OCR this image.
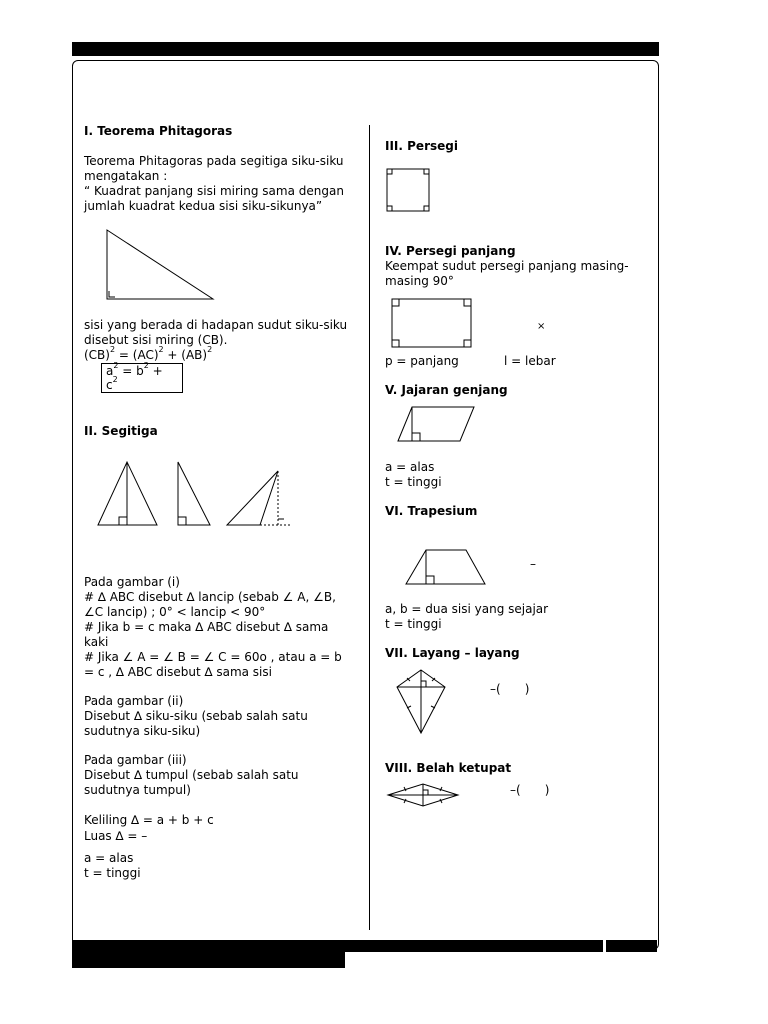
I. Teorema Phitagoras
Teorema Phitagoras pada segitiga siku-siku
mengatakan :
“ Kuadrat panjang sisi miring sama dengan
jumlah kuadrat kedua sisi siku-sikunya”
sisi yang berada di hadapan sudut siku-siku
disebut sisi miring (CB).
(CB)$^2$ = (AC)$^2$ + (AB)$^2$
$a^2 = b^2$ +
$c^2$
II. Segitiga
Pada gambar (i)
# ∆ ABC disebut ∆ lancip (sebab ∠ A, ∠B,
∠C lancip) ; 0° < lancip < 90°
# Jika b = c maka ∆ ABC disebut ∆ sama
kaki
# Jika ∠ A = ∠ B = ∠ C = 60o , atau a = b
= c , ∆ ABC disebut ∆ sama sisi
Pada gambar (ii)
Disebut ∆ siku-siku (sebab salah satu
sudutnya siku-siku)
Pada gambar (iii)
Disebut ∆ tumpul (sebab salah satu
sudutnya tumpul)
Keliling ∆ = a + b + c
Luas ∆ = –
a = alas
t = tinggi
III. Persegi
IV. Persegi panjang
Keempat sudut persegi panjang masing-
masing 90°
×
p = panjang	l = lebar
V. Jajaran genjang
a = alas
t = tinggi
VI. Trapesium
–
a, b = dua sisi yang sejajar
t = tinggi
VII. Layang – layang
–( )
VIII. Belah ketupat
–( )
